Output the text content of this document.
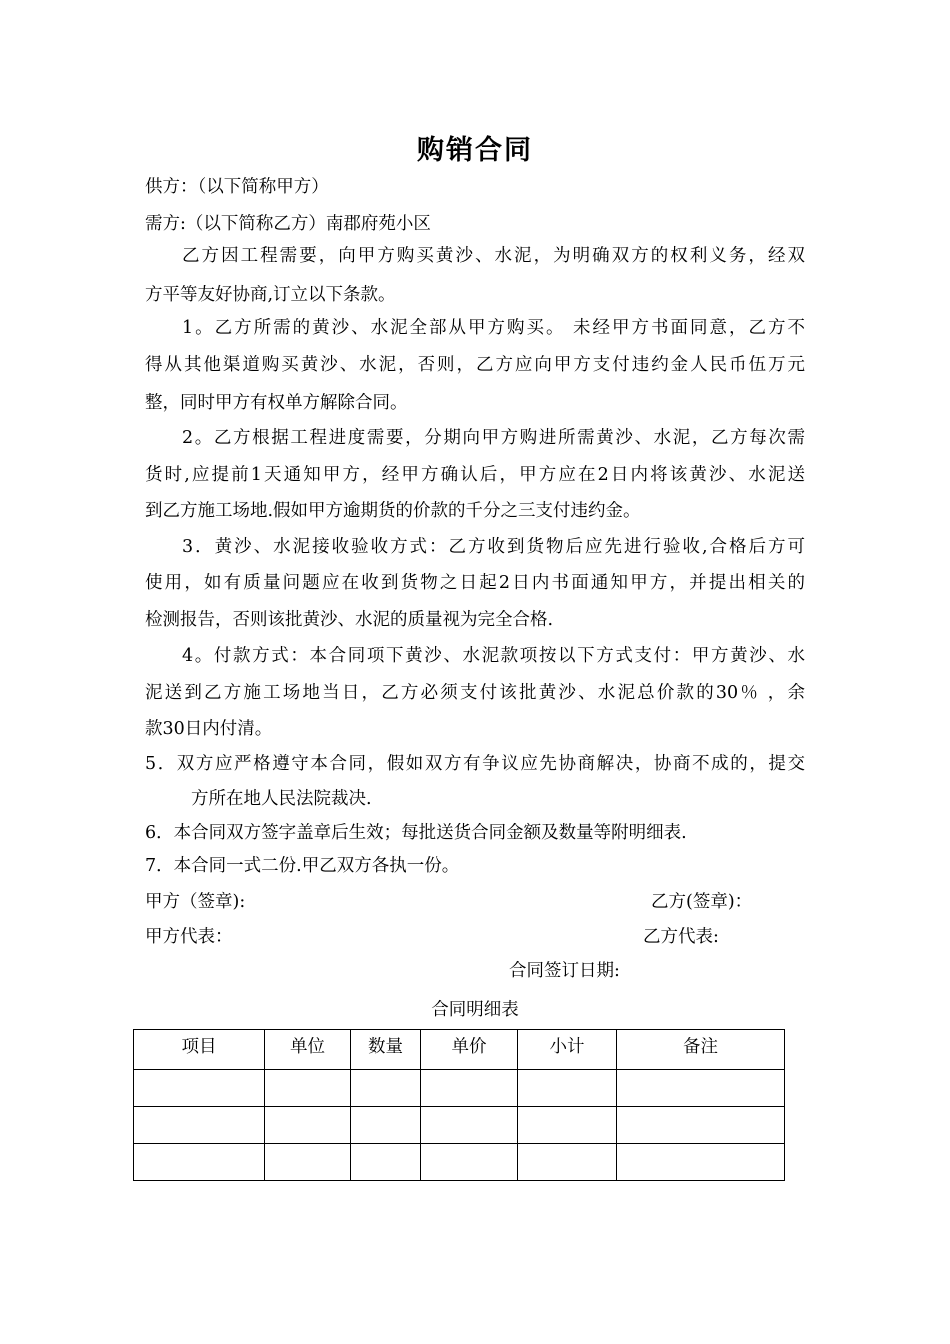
购销合同
供方：（以下简称甲方）
需方:（以下简称乙方）南郡府苑小区
乙方因工程需要，向甲方购买黄沙、水泥，为明确双方的权利义务，经双
方平等友好协商,订立以下条款。
1。乙方所需的黄沙、水泥全部从甲方购买。 未经甲方书面同意，乙方不
得从其他渠道购买黄沙、水泥，否则，乙方应向甲方支付违约金人民币伍万元
整，同时甲方有权单方解除合同。
2。乙方根据工程进度需要，分期向甲方购进所需黄沙、水泥，乙方每次需
货时,应提前1天通知甲方，经甲方确认后，甲方应在2日内将该黄沙、水泥送
到乙方施工场地.假如甲方逾期货的价款的千分之三支付违约金。
3．黄沙、水泥接收验收方式：乙方收到货物后应先进行验收,合格后方可
使用，如有质量问题应在收到货物之日起2日内书面通知甲方，并提出相关的
检测报告，否则该批黄沙、水泥的质量视为完全合格.
4。付款方式：本合同项下黄沙、水泥款项按以下方式支付：甲方黄沙、水
泥送到乙方施工场地当日，乙方必须支付该批黄沙、水泥总价款的30％ ，余
款30日内付清。
5．双方应严格遵守本合同，假如双方有争议应先协商解决，协商不成的，提交
方所在地人民法院裁决.
6．本合同双方签字盖章后生效；每批送货合同金额及数量等附明细表.
7．本合同一式二份.甲乙双方各执一份。
甲方（签章):	乙方(签章)：
甲方代表：	乙方代表:
合同签订日期:
合同明细表
项目	单位	数量	单价	小计	备注
